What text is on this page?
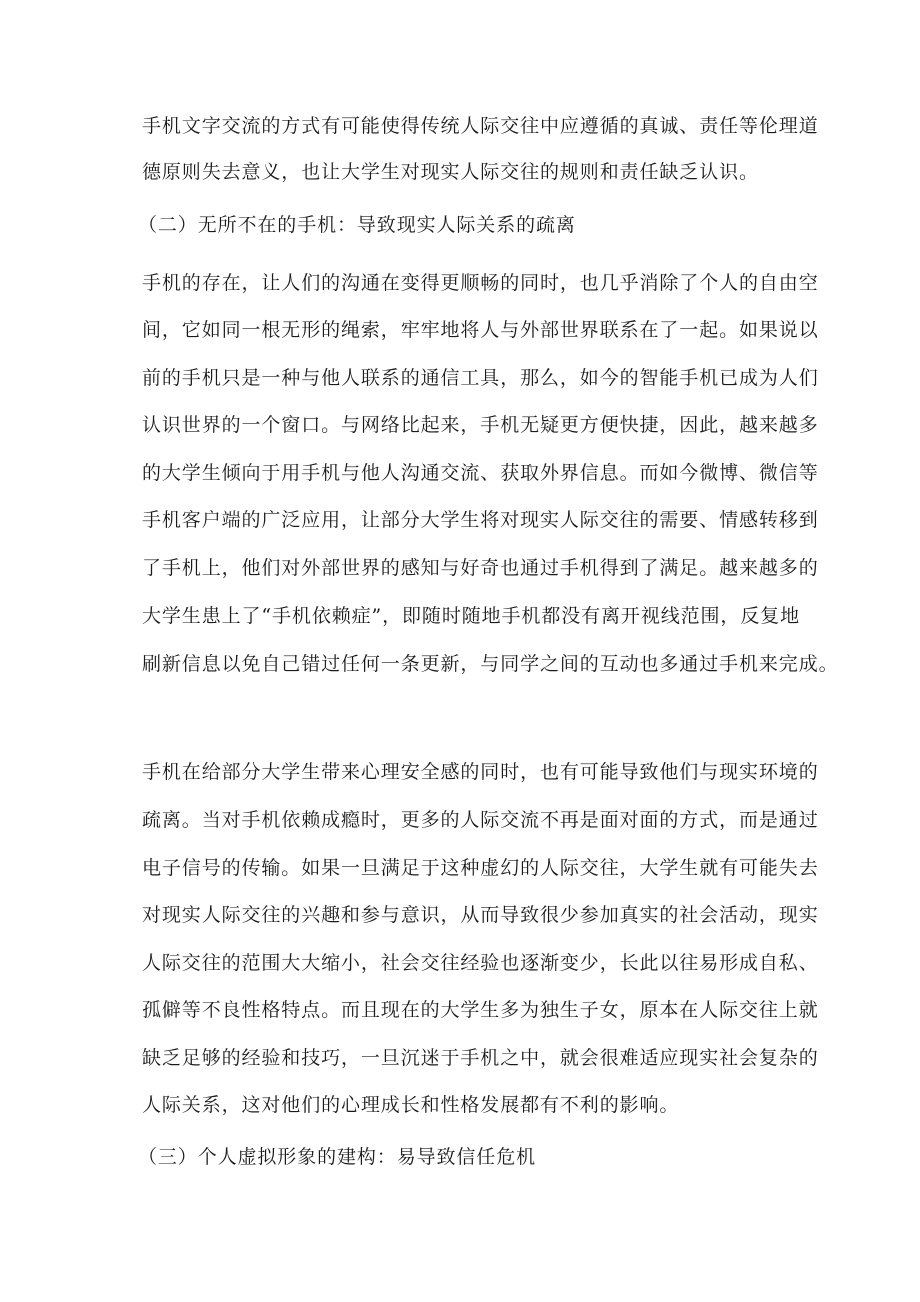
手机文字交流的方式有可能使得传统人际交往中应遵循的真诚、责任等伦理道
德原则失去意义，也让大学生对现实人际交往的规则和责任缺乏认识。
（二）无所不在的手机：导致现实人际关系的疏离
手机的存在，让人们的沟通在变得更顺畅的同时，也几乎消除了个人的自由空
间，它如同一根无形的绳索，牢牢地将人与外部世界联系在了一起。如果说以
前的手机只是一种与他人联系的通信工具，那么，如今的智能手机已成为人们
认识世界的一个窗口。与网络比起来，手机无疑更方便快捷，因此，越来越多
的大学生倾向于用手机与他人沟通交流、获取外界信息。而如今微博、微信等
手机客户端的广泛应用，让部分大学生将对现实人际交往的需要、情感转移到
了手机上，他们对外部世界的感知与好奇也通过手机得到了满足。越来越多的
大学生患上了“手机依赖症”，即随时随地手机都没有离开视线范围，反复地
刷新信息以免自己错过任何一条更新，与同学之间的互动也多通过手机来完成。
手机在给部分大学生带来心理安全感的同时，也有可能导致他们与现实环境的
疏离。当对手机依赖成瘾时，更多的人际交流不再是面对面的方式，而是通过
电子信号的传输。如果一旦满足于这种虚幻的人际交往，大学生就有可能失去
对现实人际交往的兴趣和参与意识，从而导致很少参加真实的社会活动，现实
人际交往的范围大大缩小，社会交往经验也逐渐变少，长此以往易形成自私、
孤僻等不良性格特点。而且现在的大学生多为独生子女，原本在人际交往上就
缺乏足够的经验和技巧，一旦沉迷于手机之中，就会很难适应现实社会复杂的
人际关系，这对他们的心理成长和性格发展都有不利的影响。
（三）个人虚拟形象的建构：易导致信任危机
